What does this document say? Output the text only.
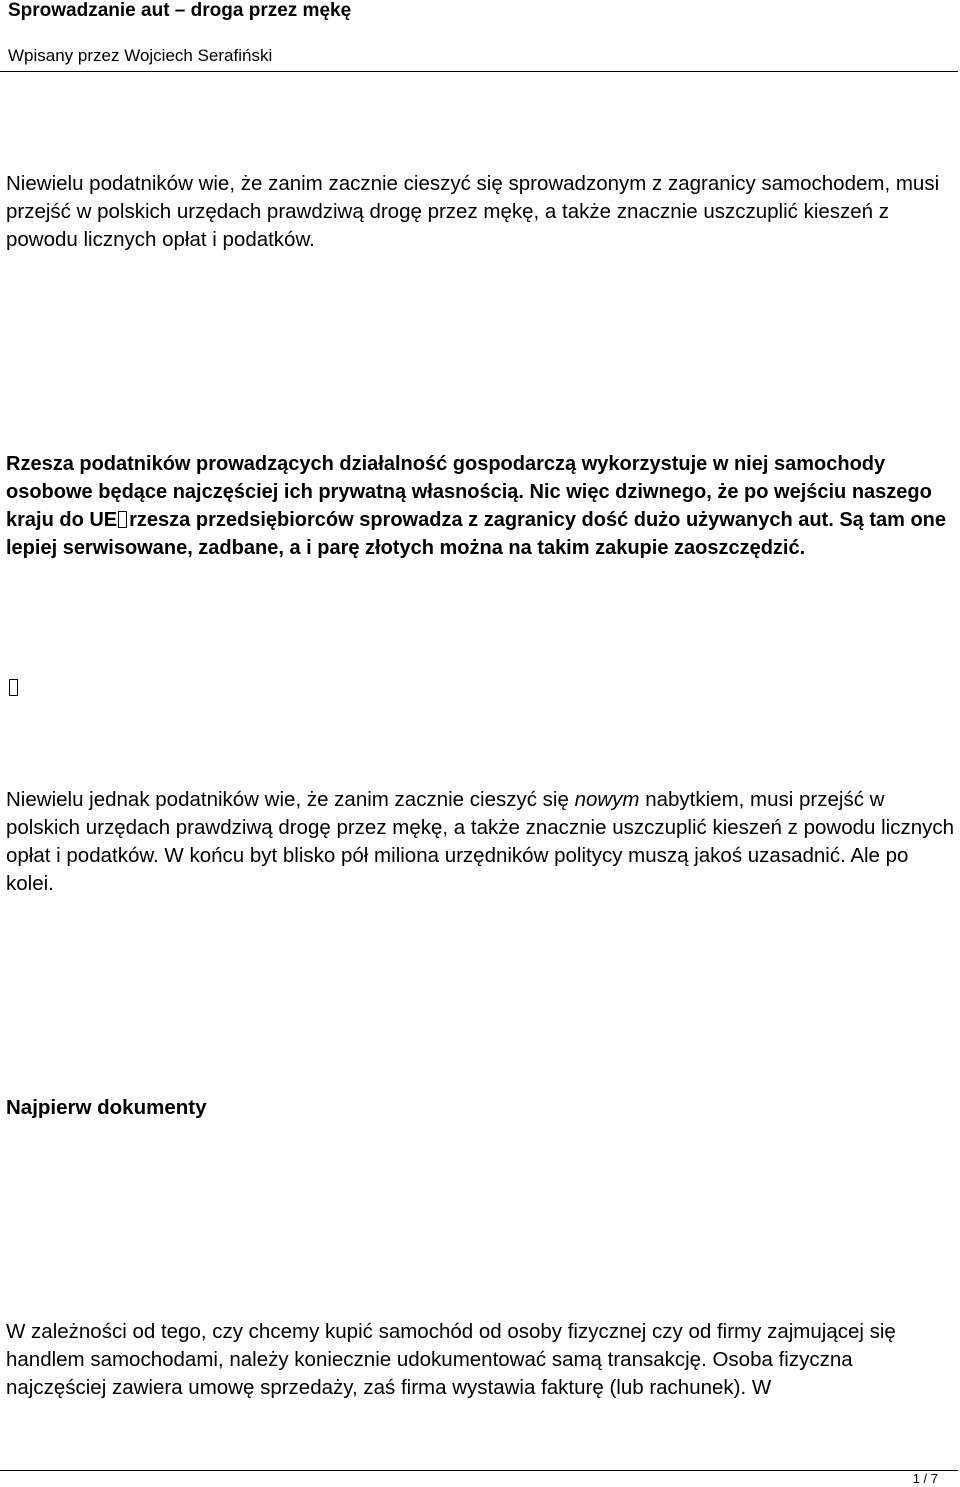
Sprowadzanie aut – droga przez mękę
Wpisany przez Wojciech Serafiński

Niewielu podatników wie, że zanim zacznie cieszyć się sprowadzonym z zagranicy samochodem, musi przejść w polskich urzędach prawdziwą drogę przez mękę, a także znacznie uszczuplić kieszeń z powodu licznych opłat i podatków.

Rzesza podatników prowadzących działalność gospodarczą wykorzystuje w niej samochody osobowe będące najczęściej ich prywatną własnością. Nic więc dziwnego, że po wejściu naszego kraju do UE rzesza przedsiębiorców sprowadza z zagranicy dość dużo używanych aut. Są tam one lepiej serwisowane, zadbane, a i parę złotych można na takim zakupie zaoszczędzić.

Niewielu jednak podatników wie, że zanim zacznie cieszyć się nowym nabytkiem, musi przejść w polskich urzędach prawdziwą drogę przez mękę, a także znacznie uszczuplić kieszeń z powodu licznych opłat i podatków. W końcu byt blisko pół miliona urzędników politycy muszą jakoś uzasadnić. Ale po kolei.

Najpierw dokumenty

W zależności od tego, czy chcemy kupić samochód od osoby fizycznej czy od firmy zajmującej się handlem samochodami, należy koniecznie udokumentować samą transakcję. Osoba fizyczna najczęściej zawiera umowę sprzedaży, zaś firma wystawia fakturę (lub rachunek). W

1 / 7
